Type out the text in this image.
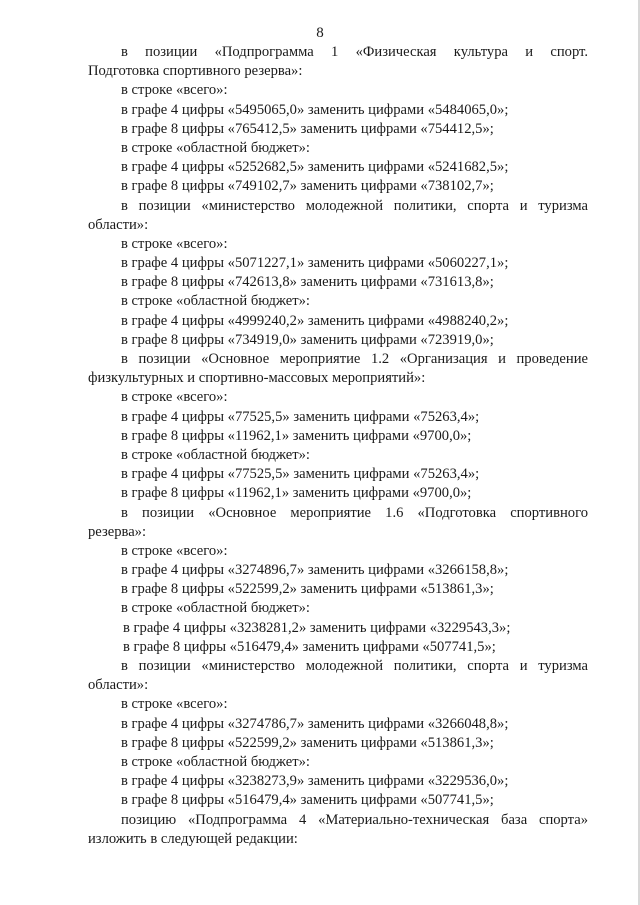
8
в позиции «Подпрограмма 1 «Физическая культура и спорт.
Подготовка спортивного резерва»:
в строке «всего»:
в графе 4 цифры «5495065,0» заменить цифрами «5484065,0»;
в графе 8 цифры «765412,5» заменить цифрами «754412,5»;
в строке «областной бюджет»:
в графе 4 цифры «5252682,5» заменить цифрами «5241682,5»;
в графе 8 цифры «749102,7» заменить цифрами «738102,7»;
в позиции «министерство молодежной политики, спорта и туризма
области»:
в строке «всего»:
в графе 4 цифры «5071227,1» заменить цифрами «5060227,1»;
в графе 8 цифры «742613,8» заменить цифрами «731613,8»;
в строке «областной бюджет»:
в графе 4 цифры «4999240,2» заменить цифрами «4988240,2»;
в графе 8 цифры «734919,0» заменить цифрами «723919,0»;
в позиции «Основное мероприятие 1.2 «Организация и проведение
физкультурных и спортивно-массовых мероприятий»:
в строке «всего»:
в графе 4 цифры «77525,5» заменить цифрами «75263,4»;
в графе 8 цифры «11962,1» заменить цифрами «9700,0»;
в строке «областной бюджет»:
в графе 4 цифры «77525,5» заменить цифрами «75263,4»;
в графе 8 цифры «11962,1» заменить цифрами «9700,0»;
в позиции «Основное мероприятие 1.6 «Подготовка спортивного
резерва»:
в строке «всего»:
в графе 4 цифры «3274896,7» заменить цифрами «3266158,8»;
в графе 8 цифры «522599,2» заменить цифрами «513861,3»;
в строке «областной бюджет»:
в графе 4 цифры «3238281,2» заменить цифрами «3229543,3»;
в графе 8 цифры «516479,4» заменить цифрами «507741,5»;
в позиции «министерство молодежной политики, спорта и туризма
области»:
в строке «всего»:
в графе 4 цифры «3274786,7» заменить цифрами «3266048,8»;
в графе 8 цифры «522599,2» заменить цифрами «513861,3»;
в строке «областной бюджет»:
в графе 4 цифры «3238273,9» заменить цифрами «3229536,0»;
в графе 8 цифры «516479,4» заменить цифрами «507741,5»;
позицию «Подпрограмма 4 «Материально-техническая база спорта»
изложить в следующей редакции:
